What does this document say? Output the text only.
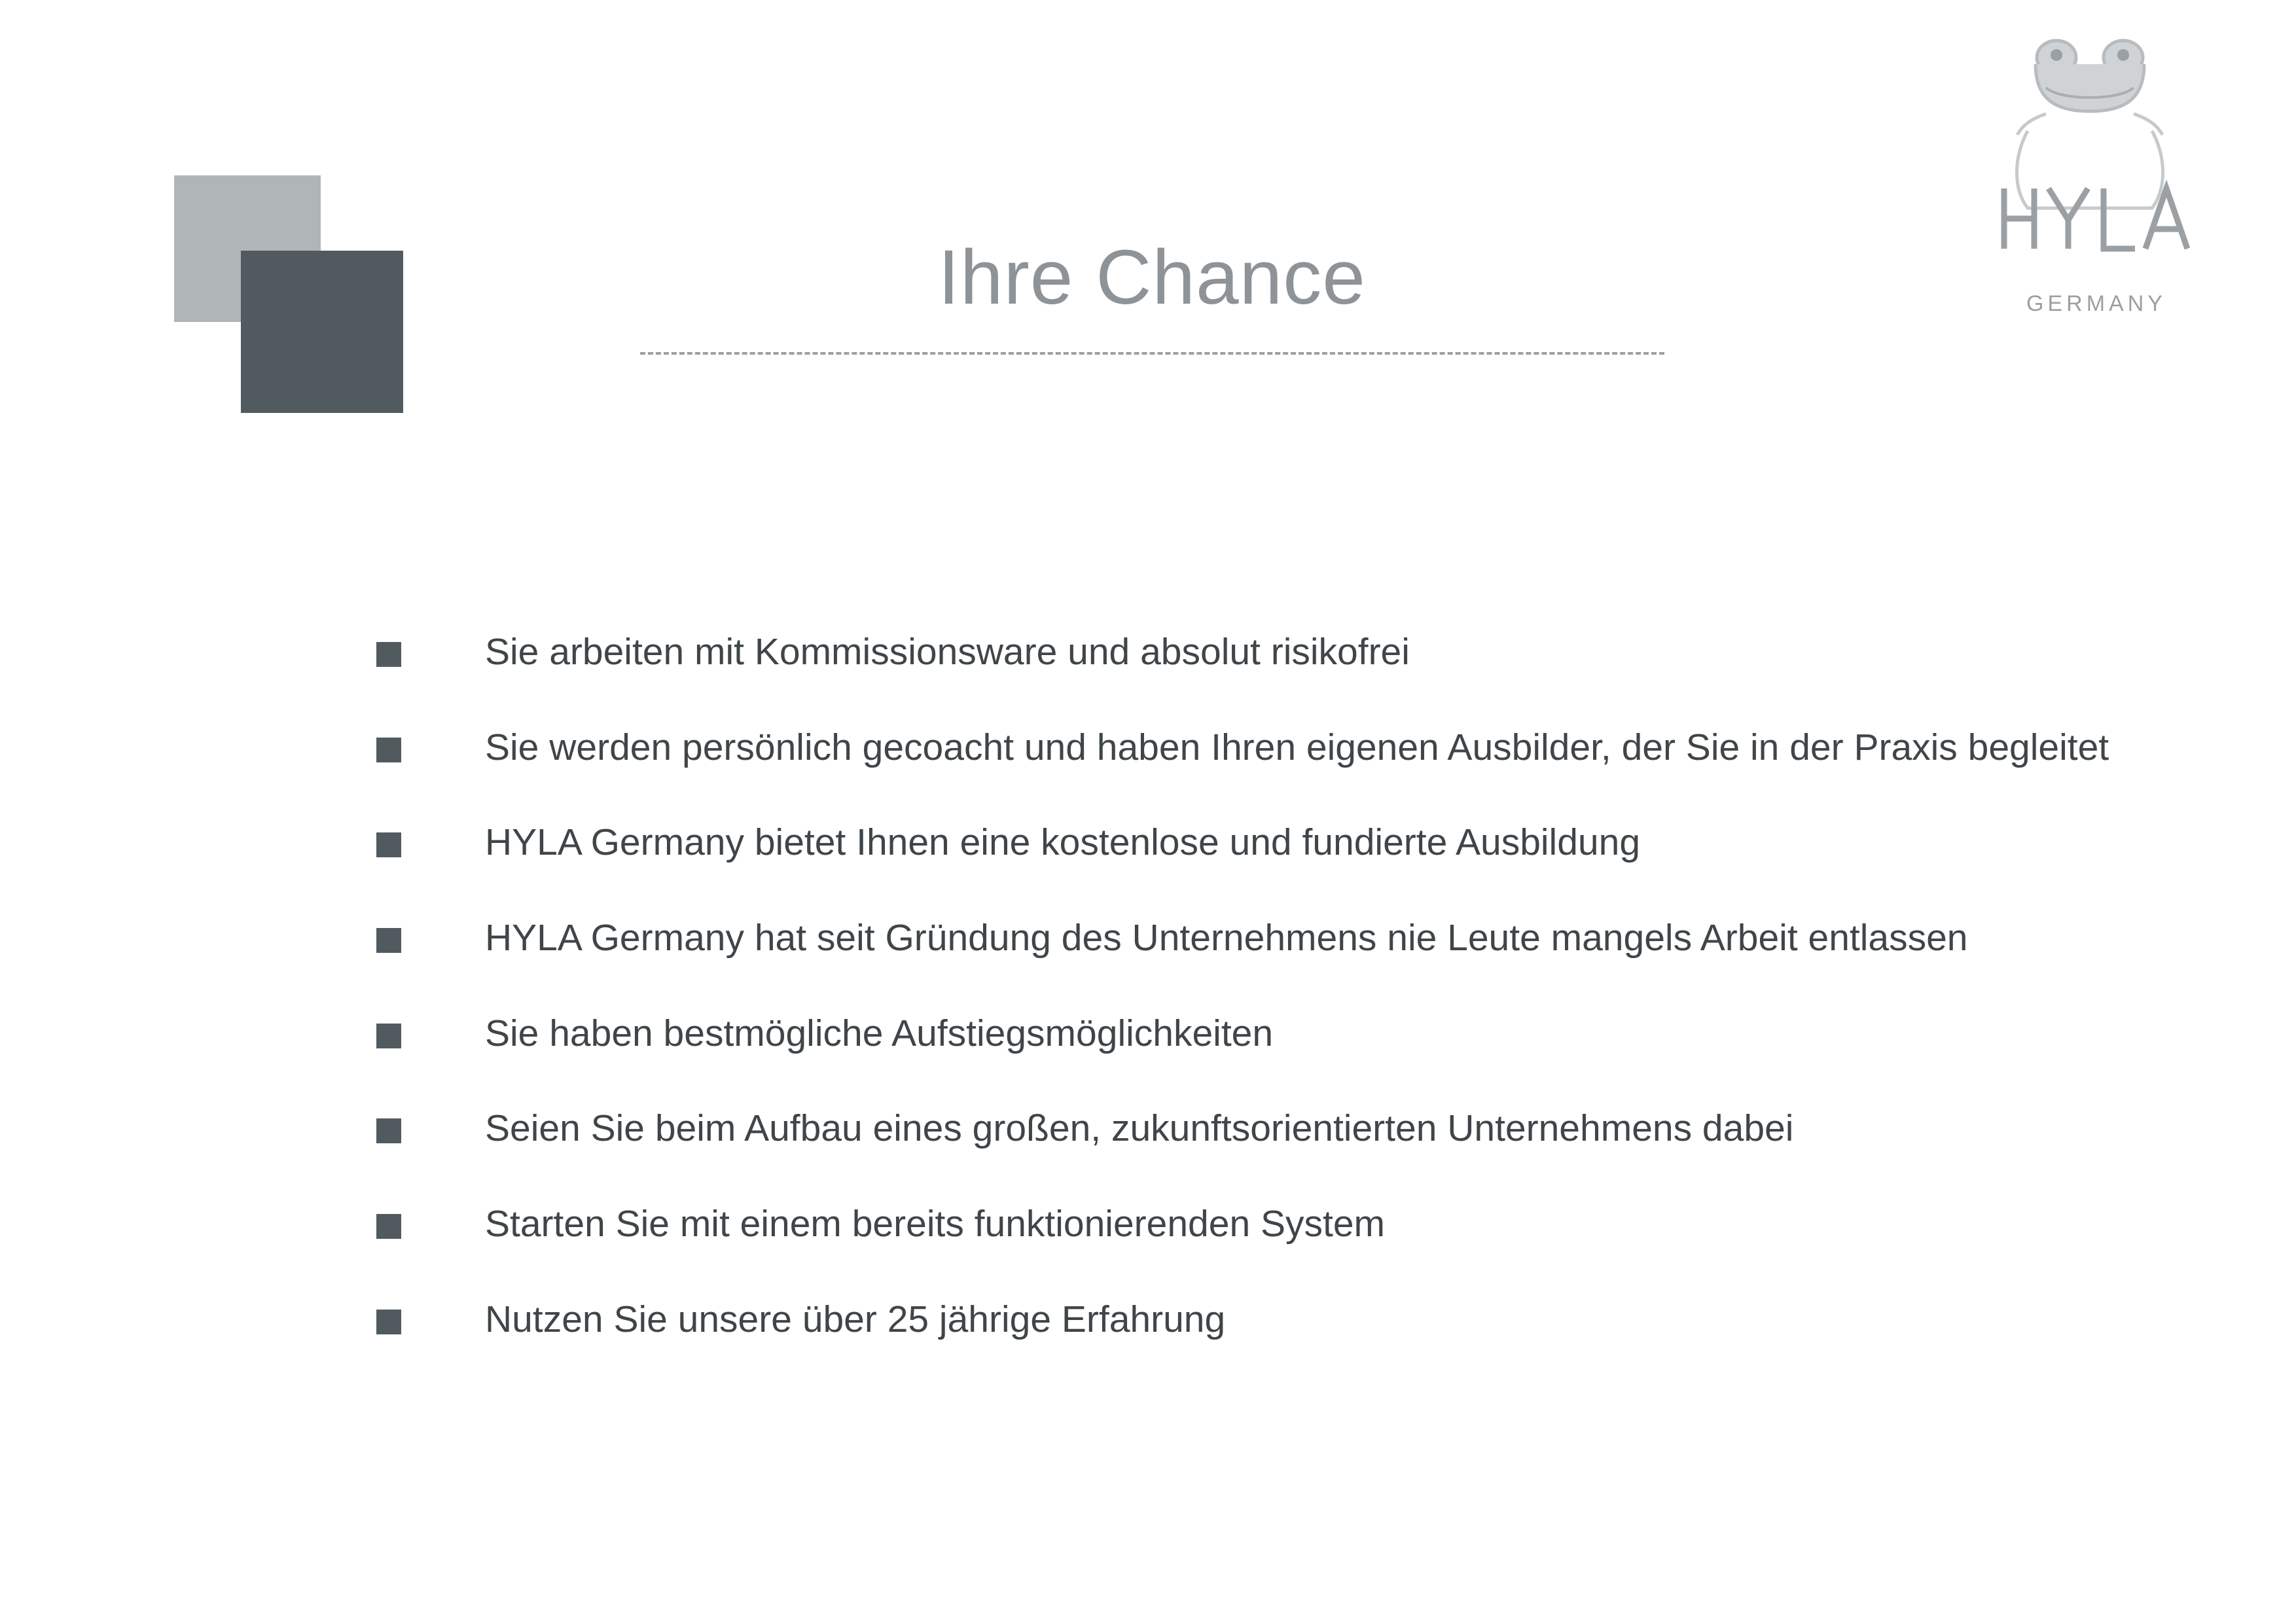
Ihre Chance	GERMANY
Sie arbeiten mit Kommissionsware und absolut risikofrei
Sie werden persönlich gecoacht und haben Ihren eigenen Ausbilder, der Sie in der Praxis begleitet
HYLA Germany bietet Ihnen eine kostenlose und fundierte Ausbildung
HYLA Germany hat seit Gründung des Unternehmens nie Leute mangels Arbeit entlassen
Sie haben bestmögliche Aufstiegsmöglichkeiten
Seien Sie beim Aufbau eines großen, zukunftsorientierten Unternehmens dabei
Starten Sie mit einem bereits funktionierenden System
Nutzen Sie unsere über 25 jährige Erfahrung
